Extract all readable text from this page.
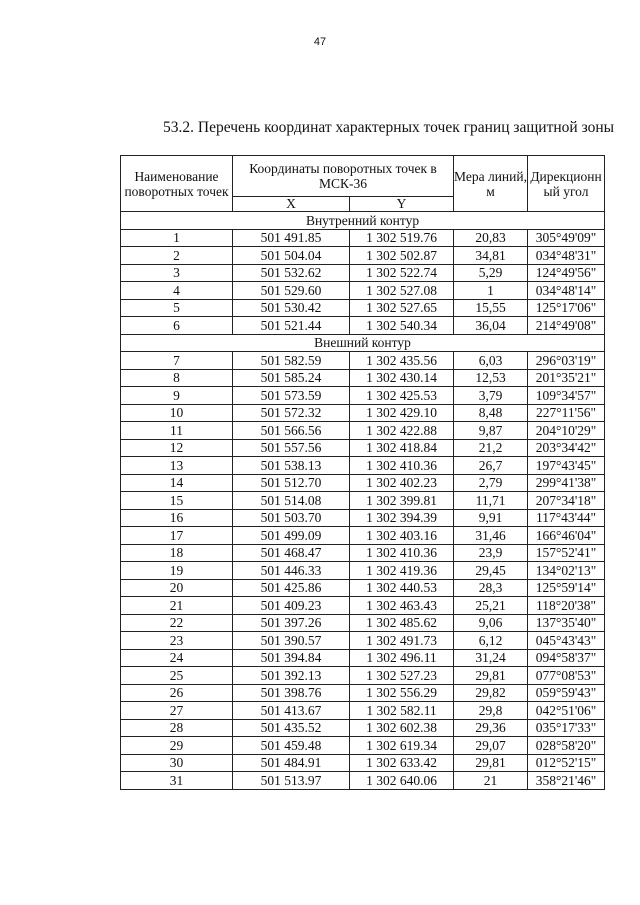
47
53.2. Перечень координат характерных точек границ защитной зоны
Наименование поворотных точек	Координаты поворотных точек в МСК-36		Мера линий, м	Дирекционн ый угол
	X	Y		
Внутренний контур				
1	501 491.85	1 302 519.76	20,83	305°49'09"
2	501 504.04	1 302 502.87	34,81	034°48'31"
3	501 532.62	1 302 522.74	5,29	124°49'56"
4	501 529.60	1 302 527.08	1	034°48'14"
5	501 530.42	1 302 527.65	15,55	125°17'06"
6	501 521.44	1 302 540.34	36,04	214°49'08"
Внешний контур				
7	501 582.59	1 302 435.56	6,03	296°03'19"
8	501 585.24	1 302 430.14	12,53	201°35'21"
9	501 573.59	1 302 425.53	3,79	109°34'57"
10	501 572.32	1 302 429.10	8,48	227°11'56"
11	501 566.56	1 302 422.88	9,87	204°10'29"
12	501 557.56	1 302 418.84	21,2	203°34'42"
13	501 538.13	1 302 410.36	26,7	197°43'45"
14	501 512.70	1 302 402.23	2,79	299°41'38"
15	501 514.08	1 302 399.81	11,71	207°34'18"
16	501 503.70	1 302 394.39	9,91	117°43'44"
17	501 499.09	1 302 403.16	31,46	166°46'04"
18	501 468.47	1 302 410.36	23,9	157°52'41"
19	501 446.33	1 302 419.36	29,45	134°02'13"
20	501 425.86	1 302 440.53	28,3	125°59'14"
21	501 409.23	1 302 463.43	25,21	118°20'38"
22	501 397.26	1 302 485.62	9,06	137°35'40"
23	501 390.57	1 302 491.73	6,12	045°43'43"
24	501 394.84	1 302 496.11	31,24	094°58'37"
25	501 392.13	1 302 527.23	29,81	077°08'53"
26	501 398.76	1 302 556.29	29,82	059°59'43"
27	501 413.67	1 302 582.11	29,8	042°51'06"
28	501 435.52	1 302 602.38	29,36	035°17'33"
29	501 459.48	1 302 619.34	29,07	028°58'20"
30	501 484.91	1 302 633.42	29,81	012°52'15"
31	501 513.97	1 302 640.06	21	358°21'46"
